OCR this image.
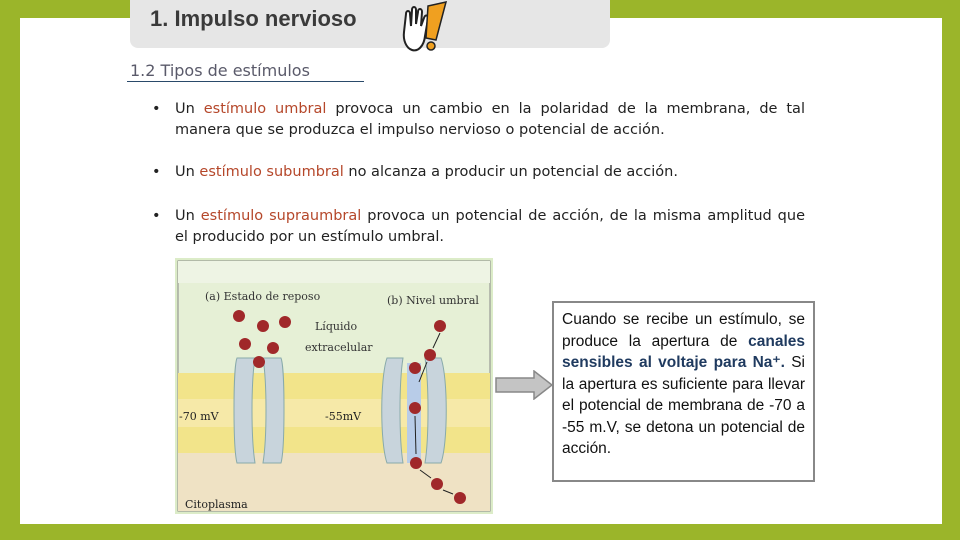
1. Impulso nervioso
1.2 Tipos de estímulos
• Un estímulo umbral provoca un cambio en la polaridad de la membrana, de tal manera que se produzca el impulso nervioso o potencial de acción.
• Un estímulo subumbral no alcanza a producir un potencial de acción.
• Un estímulo supraumbral provoca un potencial de acción, de la misma amplitud que el producido por un estímulo umbral.
(a) Estado de reposo	(b) Nivel umbral
Líquido
extracelular
-70 mV	-55mV
Citoplasma
Cuando se recibe un estímulo, se produce la apertura de canales sensibles al voltaje para Na⁺. Si la apertura es suficiente para llevar el potencial de membrana de -70 a -55 m.V, se detona un potencial de acción.
